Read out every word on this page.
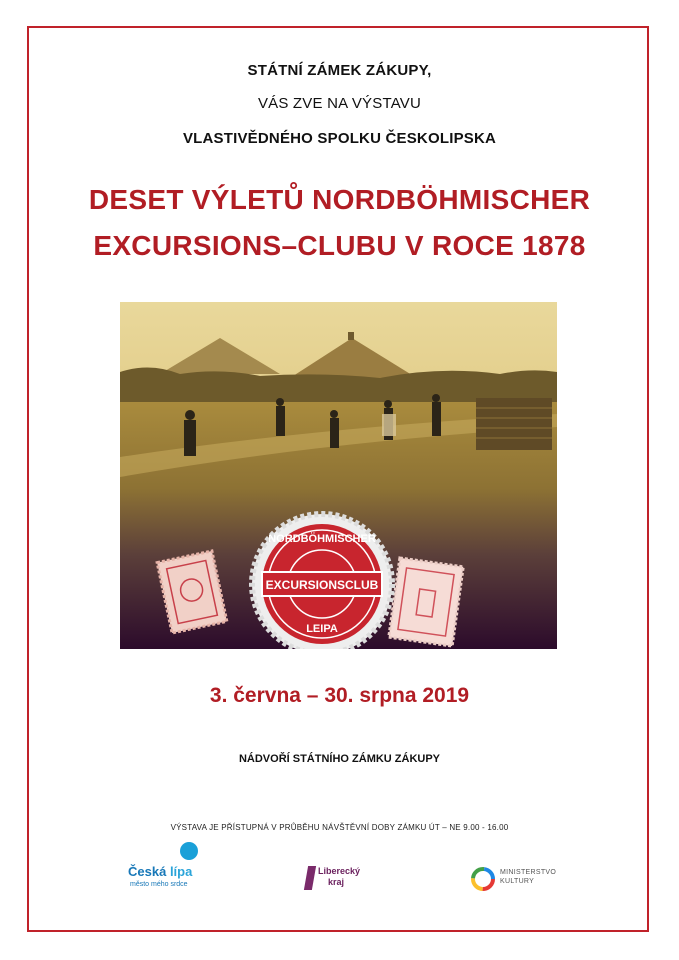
STÁTNÍ ZÁMEK ZÁKUPY,
VÁS ZVE NA VÝSTAVU
VLASTIVĚDNÉHO SPOLKU ČESKOLIPSKA
DESET VÝLETŮ NORDBÖHMISCHER
EXCURSIONS–CLUBU V ROCE 1878
NORDBÖHMISCHER
EXCURSIONSCLUB
LEIPA
3. června – 30. srpna 2019
NÁDVOŘÍ STÁTNÍHO ZÁMKU ZÁKUPY
VÝSTAVA JE PŘÍSTUPNÁ V PRŮBĚHU NÁVŠTĚVNÍ DOBY ZÁMKU ÚT – NE 9.00 - 16.00
Česká lípa
město mého srdce
Liberecký
kraj
MINISTERSTVO
KULTURY
